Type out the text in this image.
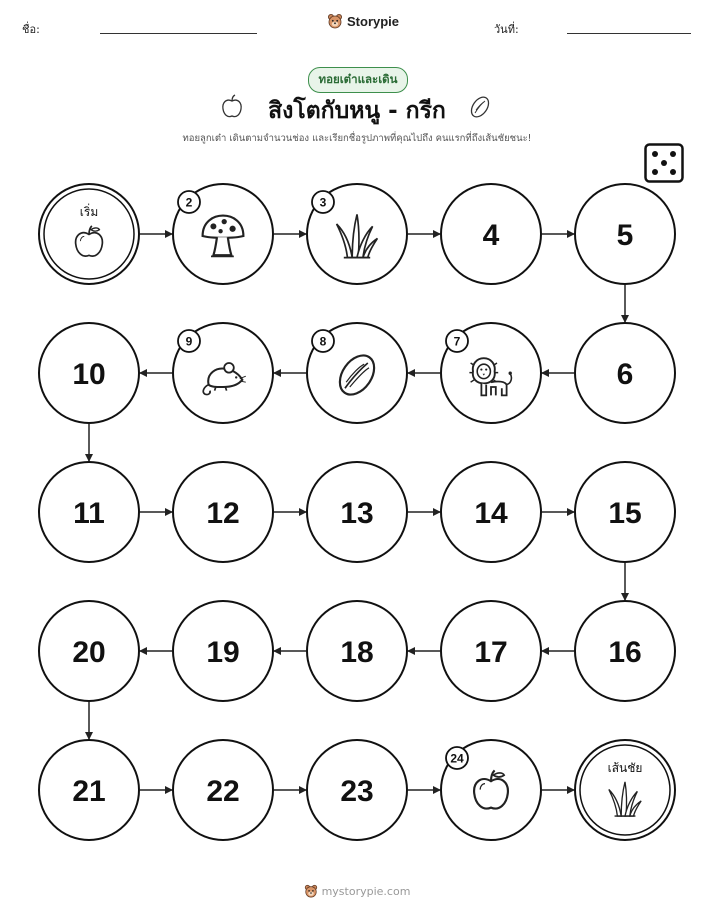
ชื่อ:
Storypie
วันที่:
ทอยเต๋าและเดิน
สิงโตกับหนู - กรีก
ทอยลูกเต๋า เดินตามจำนวนช่อง และเรียกชื่อรูปภาพที่คุณไปถึง คนแรกที่ถึงเส้นชัยชนะ!
เริ่ม
2	3
4	5
6
7
8
9
10
11	12	13	14	15
16
17
18
19
20
21	22	23
24
เส้นชัย
mystorypie.com
